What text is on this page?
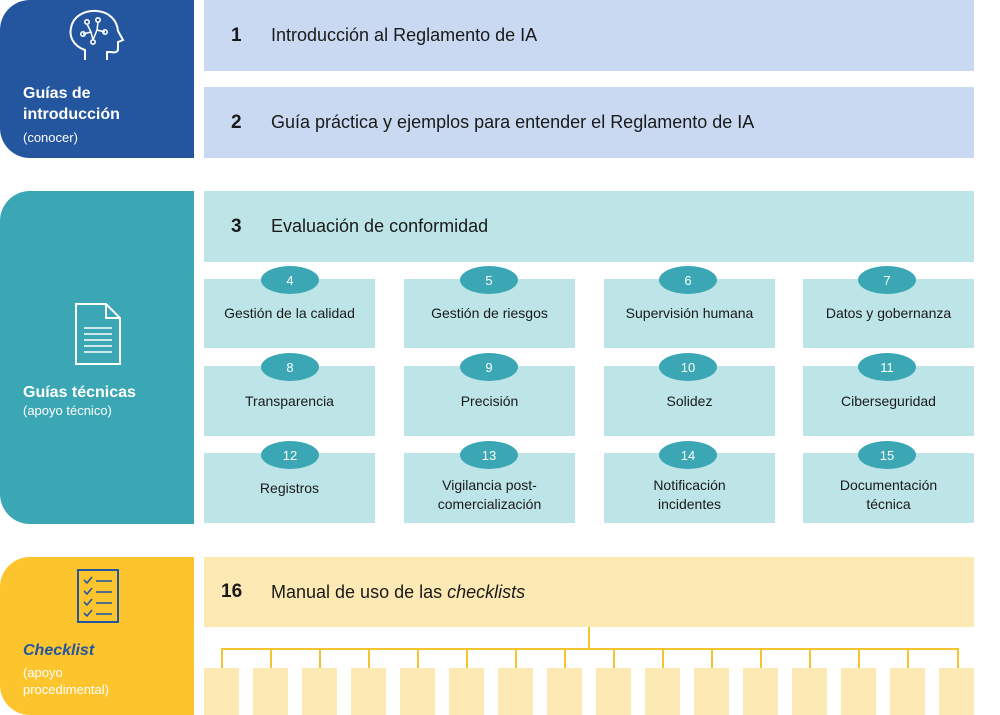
Guías de introducción
(conocer)
1	Introducción al Reglamento de IA
2	Guía práctica y ejemplos para entender el Reglamento de IA
Guías técnicas
(apoyo técnico)
3	Evaluación de conformidad
Gestión de la calidad	Gestión de riesgos	Supervisión humana	Datos y gobernanza
Transparencia	Precisión	Solidez	Ciberseguridad
Registros	Vigilancia post-comercialización
Notificación incidentes
Documentación técnica
4	5	6	7
8	9	10	11
12	13	14	15
Checklist
(apoyo procedimental)
16	Manual de uso de las checklists
